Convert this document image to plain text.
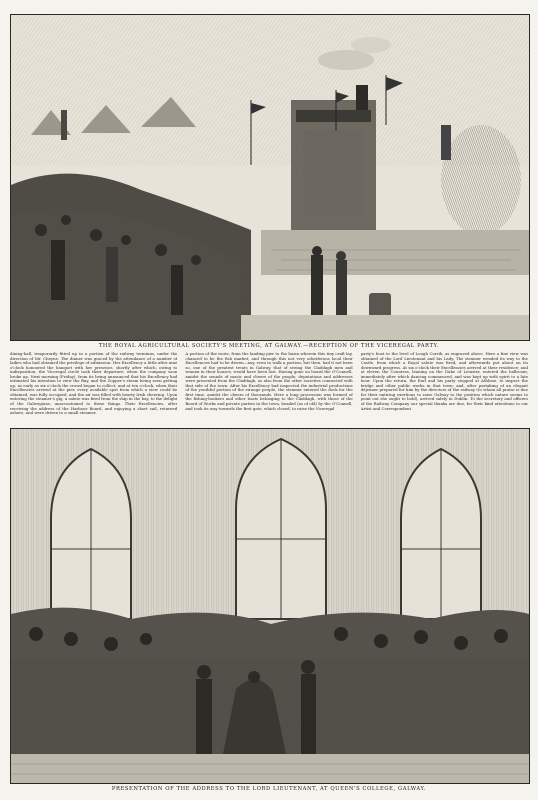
THE ROYAL AGRICULTURAL SOCIETY'S MEETING, AT GALWAY.—RECEPTION OF THE VICEREGAL PARTY.
dining-hall, temporarily fitted up in a portion of the railway terminus, under the direction of Mr. Cheyne. The dinner was graced by the attendance of a number of ladies who had obtained the privilege of admission. Her Excellency a little after nine o'clock honoured the banquet with her presence, shortly after which, owing to indisposition, the Viceregal circle took their departure, when the company soon broke up. Next morning (Friday), from its being announced that his Excellency had intimated his intention to view the Bay, and the Zopper's steam being seen getting up, as early as six o'clock the crowd began to collect; and at ten o'clock, when their Excellencies arrived at the pier, every available spot from which a view could be obtained, was fully occupied, and the air was filled with hearty Irish cheering. Upon entering the steamer's gig, a salute was fired from the ship in the bay, to the delight of the Galwegians, unaccustomed to these things. Their Excellencies, after receiving the address of the Harbour Board, and enjoying a short sail, returned ashore, and were driven to a small steamer.
A portion of the route, from the landing pier to the basin wherein this tiny craft lay, chanced to be the fish market; and through this not very odoriferous local their Excellencies had to be driven—nay, even to walk a portion; but then, had it not been so, one of the greatest treats in Galway, that of seeing the Claddagh men and women in their houses, would have been lost. Having gone on board the O'Connell, amidst the sounds of music and cheers of the people, deputations and addresses were presented from the Claddagh, as also from the other societies connected with that side of the town. After his Excellency had inspected the industrial productions of the youthful portion of the strange people, the steamer entered the dock for the first time, amidst the cheers of thousands. Here a long procession was formed of the fishing-hookers and other boats belonging to the Claddagh, with those of the Board of Works and private parties in the town, headed (as of old) by the O'Connell, and took its way towards the first gate, which closed, to raise the Viceregal
party's boat to the level of Lough Corrib, as engraved above. Here a fine view was obtained of the Lord Lieutenant and his Lady. The steamer wended its way to the Castle, from which a Royal salute was fired, and afterwards put about on its downward progress. At six o'clock their Excellencies arrived at their residence; and at eleven the Countess, leaning on the Duke of Leinster, entered the ballroom; immediately after which dancing commenced, and was kept up with spirit to a late hour. Upon the return, the Earl and his party stopped at Athlone, to inspect the bridge and other public works in that town; and, after partaking of an elegant déjeuner prepared for him by the directors of the railway (to whom all praise is due for their untiring exertions to raise Galway to the position which nature seems to point out she ought to hold), arrived safely in Dublin. To the secretary and officers of the Railway Company our special thanks are due, for their kind attentions to our Artist and Correspondent
PRESENTATION OF THE ADDRESS TO THE LORD LIEUTENANT, AT QUEEN'S COLLEGE, GALWAY.
